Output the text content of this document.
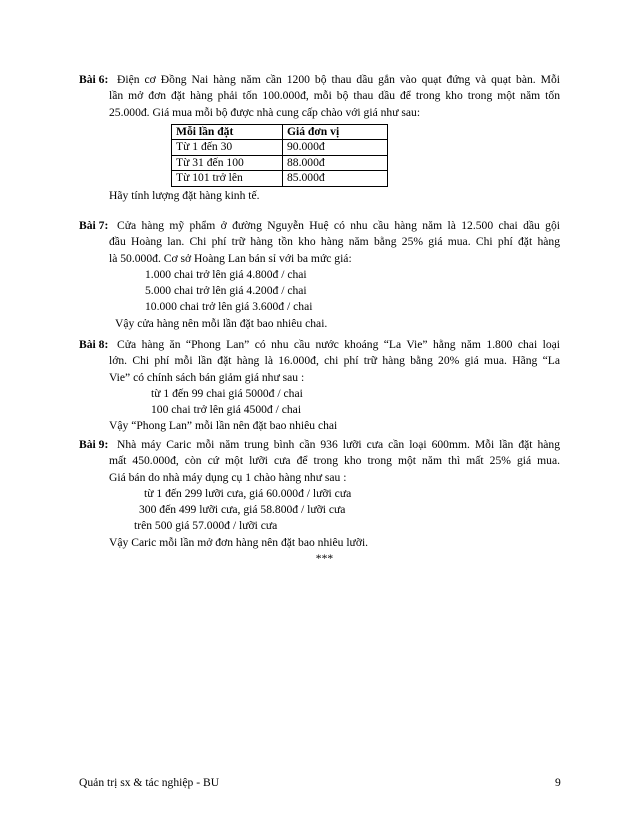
Bài 6: Điện cơ Đồng Nai hàng năm cần 1200 bộ thau dầu gắn vào quạt đứng và quạt bàn. Mỗi
lần mở đơn đặt hàng phải tốn 100.000đ, mỗi bộ thau dầu để trong kho trong một năm tốn
25.000đ. Giá mua mỗi bộ được nhà cung cấp chào với giá như sau:
Mỗi lần đặt	Giá đơn vị
Từ 1 đến 30	90.000đ
Từ 31 đến 100	88.000đ
Từ 101 trở lên	85.000đ
Hãy tính lượng đặt hàng kinh tế.
Bài 7: Cửa hàng mỹ phẩm ở đường Nguyễn Huệ có nhu cầu hàng năm là 12.500 chai dầu gội
đầu Hoàng lan. Chi phí trữ hàng tồn kho hàng năm bằng 25% giá mua. Chi phí đặt hàng
là 50.000đ. Cơ sở Hoàng Lan bán sỉ với ba mức giá:
1.000 chai trở lên giá 4.800đ / chai
5.000 chai trở lên giá 4.200đ / chai
10.000 chai trở lên giá 3.600đ / chai
Vậy cửa hàng nên mỗi lần đặt bao nhiêu chai.
Bài 8: Cửa hàng ăn “Phong Lan” có nhu cầu nước khoáng “La Vie” hằng năm 1.800 chai loại
lớn. Chi phí mỗi lần đặt hàng là 16.000đ, chi phí trữ hàng bằng 20% giá mua. Hãng “La
Vie” có chính sách bán giảm giá như sau :
từ 1 đến 99 chai giá 5000đ / chai
100 chai trở lên giá 4500đ / chai
Vậy “Phong Lan” mỗi lần nên đặt bao nhiêu chai
Bài 9: Nhà máy Caric mỗi năm trung bình cần 936 lưỡi cưa cần loại 600mm. Mỗi lần đặt hàng
mất 450.000đ, còn cứ một lưỡi cưa để trong kho trong một năm thì mất 25% giá mua.
Giá bán do nhà máy dụng cụ 1 chào hàng như sau :
từ 1 đến 299 lưỡi cưa, giá 60.000đ / lưỡi cưa
300 đến 499 lưỡi cưa, giá 58.800đ / lưỡi cưa
trên 500 giá 57.000đ / lưỡi cưa
Vậy Caric mỗi lần mở đơn hàng nên đặt bao nhiêu lưỡi.
***
Quản trị sx & tác nghiệp - BU	9
